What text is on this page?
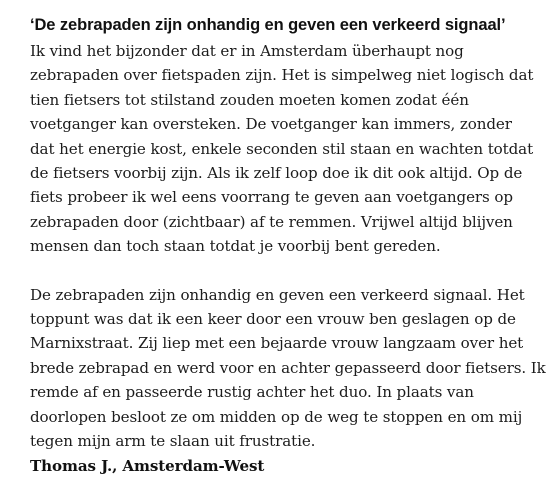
‘De zebrapaden zijn onhandig en geven een verkeerd signaal’

Ik vind het bijzonder dat er in Amsterdam überhaupt nog
zebrapaden over fietspaden zijn. Het is simpelweg niet logisch dat
tien fietsers tot stilstand zouden moeten komen zodat één
voetganger kan oversteken. De voetganger kan immers, zonder
dat het energie kost, enkele seconden stil staan en wachten totdat
de fietsers voorbij zijn. Als ik zelf loop doe ik dit ook altijd. Op de
fiets probeer ik wel eens voorrang te geven aan voetgangers op
zebrapaden door (zichtbaar) af te remmen. Vrijwel altijd blijven
mensen dan toch staan totdat je voorbij bent gereden.

De zebrapaden zijn onhandig en geven een verkeerd signaal. Het
toppunt was dat ik een keer door een vrouw ben geslagen op de
Marnixstraat. Zij liep met een bejaarde vrouw langzaam over het
brede zebrapad en werd voor en achter gepasseerd door fietsers. Ik
remde af en passeerde rustig achter het duo. In plaats van
doorlopen besloot ze om midden op de weg te stoppen en om mij
tegen mijn arm te slaan uit frustratie.

Thomas J., Amsterdam-West
